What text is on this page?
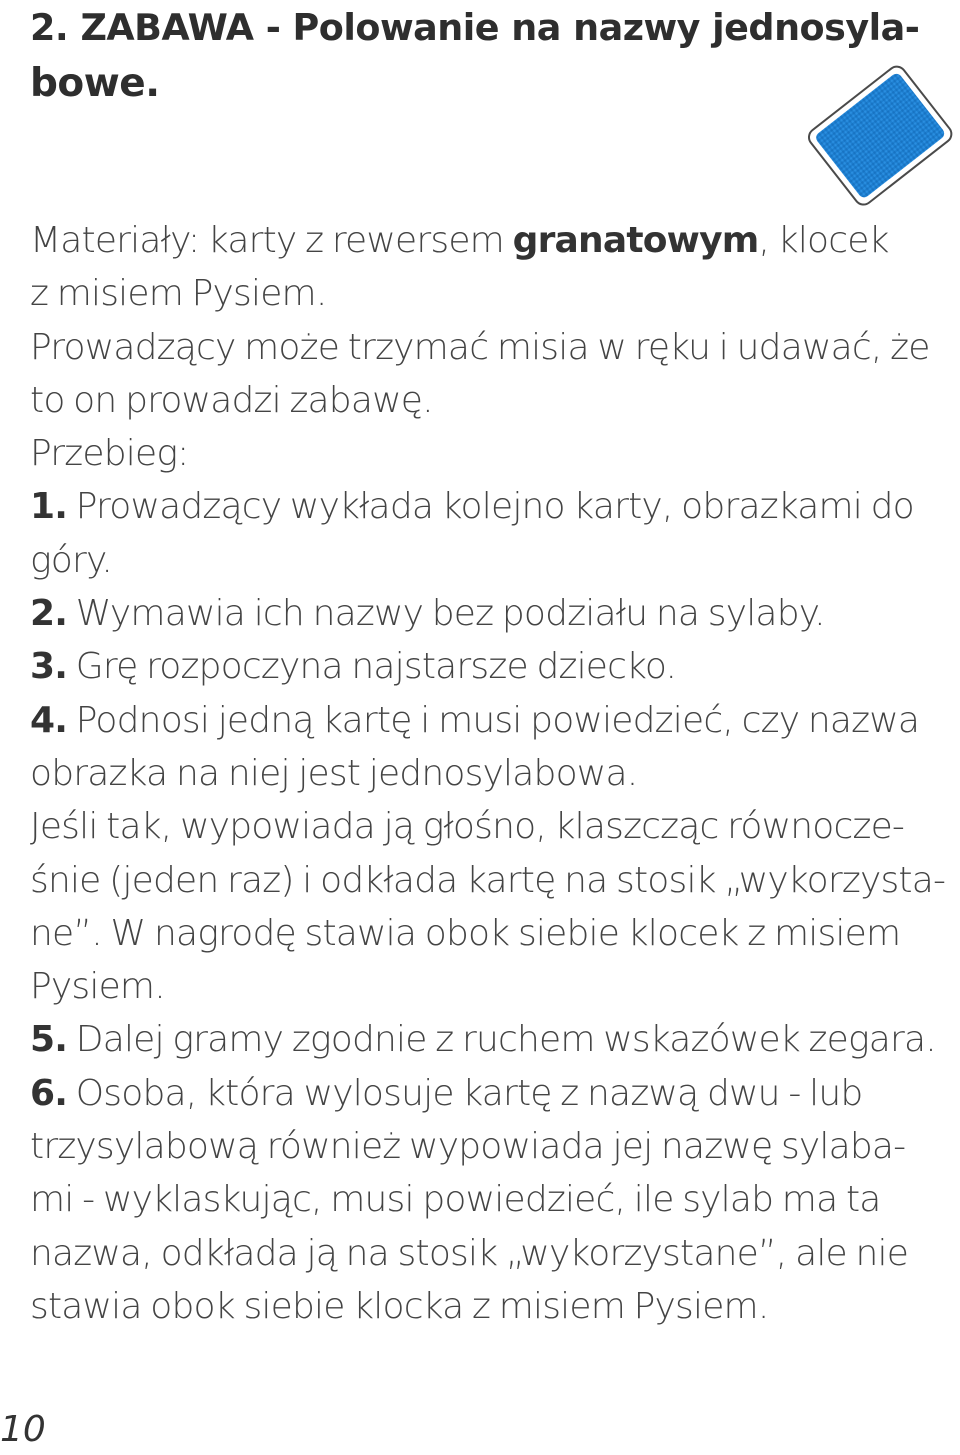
2. ZABAWA - Polowanie na nazwy jednosyla-
bowe.
Materiały: karty z rewersem granatowym, klocek
z misiem Pysiem.
Prowadzący może trzymać misia w ręku i udawać, że
to on prowadzi zabawę.
Przebieg:
1. Prowadzący wykłada kolejno karty, obrazkami do
góry.
2. Wymawia ich nazwy bez podziału na sylaby.
3. Grę rozpoczyna najstarsze dziecko.
4. Podnosi jedną kartę i musi powiedzieć, czy nazwa
obrazka na niej jest jednosylabowa.
Jeśli tak, wypowiada ją głośno, klaszcząc równocze-
śnie (jeden raz) i odkłada kartę na stosik „wykorzysta-
ne”. W nagrodę stawia obok siebie klocek z misiem
Pysiem.
5. Dalej gramy zgodnie z ruchem wskazówek zegara.
6. Osoba, która wylosuje kartę z nazwą dwu - lub
trzysylabową również wypowiada jej nazwę sylaba-
mi - wyklaskując, musi powiedzieć, ile sylab ma ta
nazwa, odkłada ją na stosik „wykorzystane”, ale nie
stawia obok siebie klocka z misiem Pysiem.
10
